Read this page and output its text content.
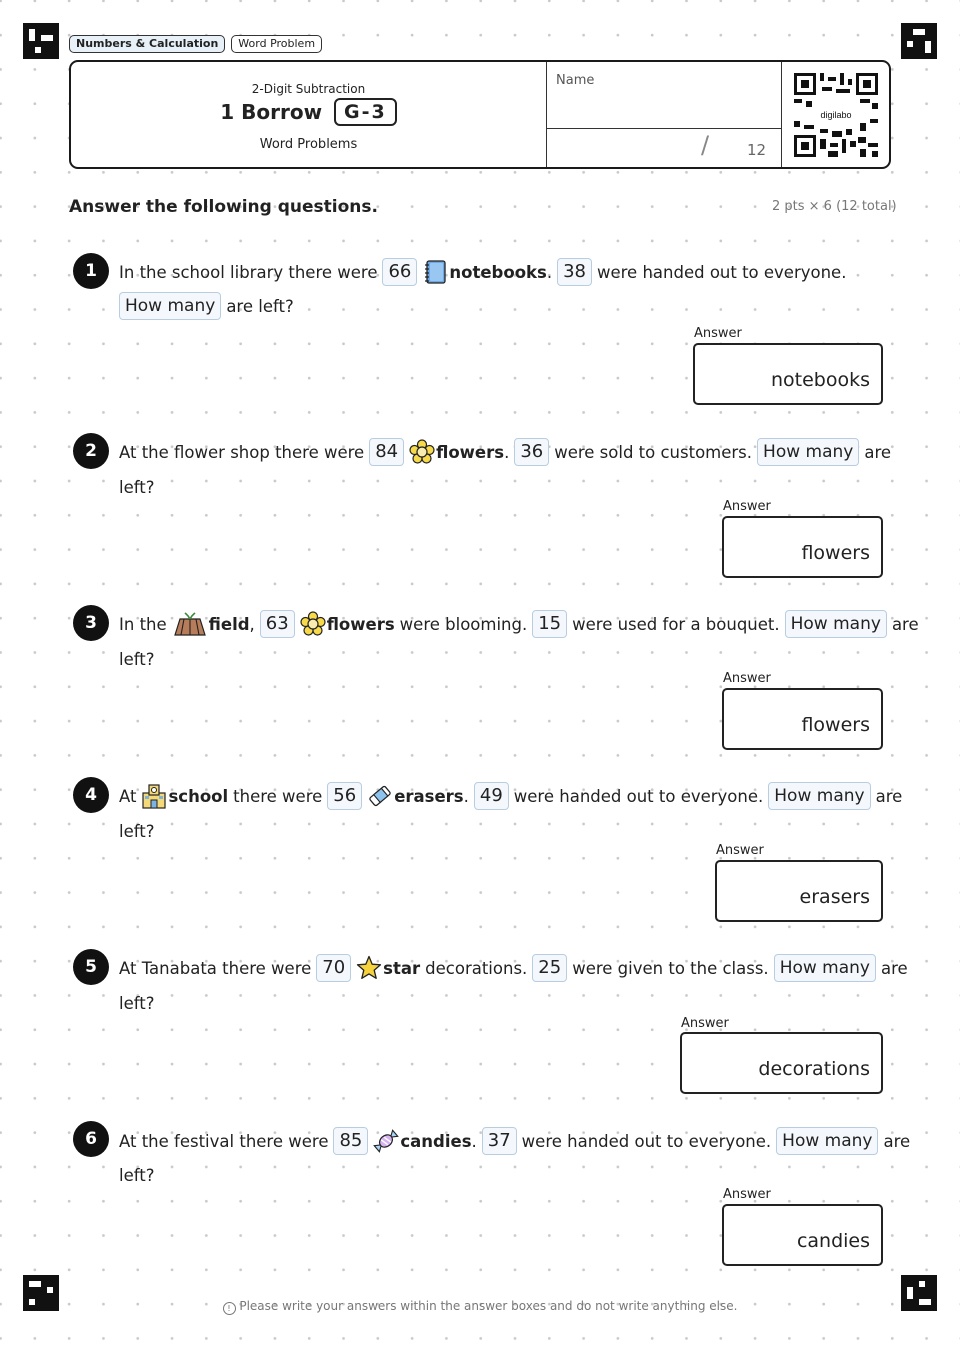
Numbers & Calculation	Word Problem
2-Digit Subtraction
1 Borrow	G-3
Word Problems
Name
/	12
digilabo
Answer the following questions.	2 pts × 6 (12 total)
1	In the school library there were 66	notebooks . 38 were handed out to everyone.
How many are left?
Answer
notebooks
2	At the flower shop there were 84	flowers . 36 were sold to customers. How many are
left?
Answer
flowers
3	In the	field , 63	flowers were blooming. 15 were used for a bouquet. How many are
left?
Answer
flowers
4	At school there were 56	erasers . 49 were handed out to everyone. How many are
left?
Answer
erasers
5	At Tanabata there were 70	star decorations. 25 were given to the class. How many are
left?
Answer
decorations
6	At the festival there were 85	candies . 37 were handed out to everyone. How many are
left?
Answer
candies
! Please write your answers within the answer boxes and do not write anything else.
